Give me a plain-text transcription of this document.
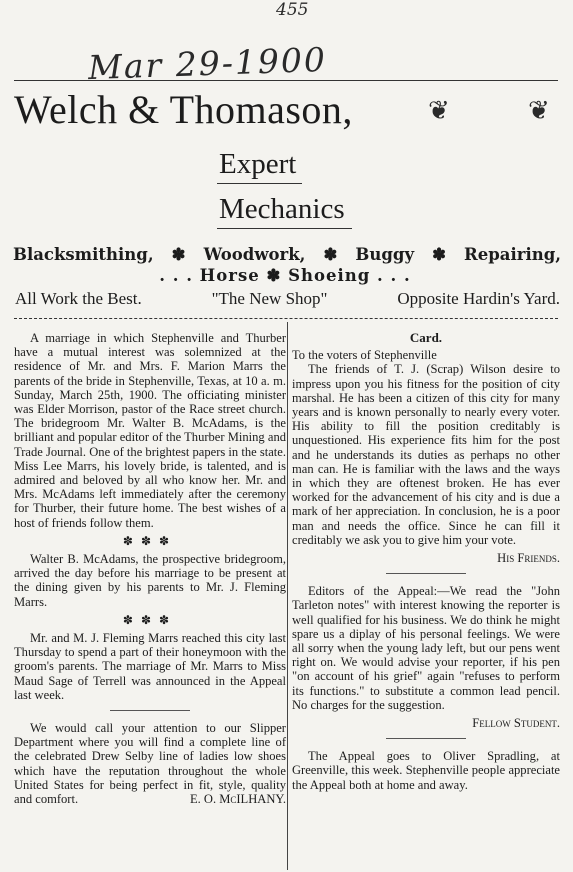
455
Mar 29-1900
Welch & Thomason,	❦	❦
Expert
Mechanics
Blacksmithing, ✽ Woodwork, ✽ Buggy ✽ Repairing,
. . . Horse ✽ Shoeing . . .
All Work the Best.	"The New Shop"	Opposite Hardin's Yard.

A marriage in which Stephenville and Thurber have a mutual interest was solemnized at the residence of Mr. and Mrs. F. Marion Marrs the parents of the bride in Stephenville, Texas, at 10 a. m. Sunday, March 25th, 1900. The officiating minister was Elder Morrison, pastor of the Race street church. The bridegroom Mr. Walter B. McAdams, is the brilliant and popular editor of the Thurber Mining and Trade Journal. One of the brightest papers in the state. Miss Lee Marrs, his lovely bride, is talented, and is admired and beloved by all who know her. Mr. and Mrs. McAdams left immediately after the ceremony for Thurber, their future home. The best wishes of a host of friends follow them.

✽✽✽

Walter B. McAdams, the prospective bridegroom, arrived the day before his marriage to be present at the dining given by his parents to Mr. J. Fleming Marrs.

✽✽✽

Mr. and M. J. Fleming Marrs reached this city last Thursday to spend a part of their honeymoon with the groom's parents. The marriage of Mr. Marrs to Miss Maud Sage of Terrell was announced in the Appeal last week.

We would call your attention to our Slipper Department where you will find a complete line of the celebrated Drew Selby line of ladies low shoes which have the reputation throughout the whole United States for being perfect in fit, style, quality and comfort.	E. O. McILHANY.
Card.

To the voters of Stephenville

The friends of T. J. (Scrap) Wilson desire to impress upon you his fitness for the position of city marshal. He has been a citizen of this city for many years and is known personally to nearly every voter. His ability to fill the position creditably is unquestioned. His experience fits him for the post and he understands its duties as perhaps no other man can. He is familiar with the laws and the ways in which they are oftenest broken. He has ever worked for the advancement of his city and is due a mark of her appreciation. In conclusion, he is a poor man and needs the office. Since he can fill it creditably we ask you to give him your vote.

His Friends.

Editors of the Appeal:—We read the "John Tarleton notes" with interest knowing the reporter is well qualified for his business. We do think he might spare us a diplay of his personal feelings. We were all sorry when the young lady left, but our pens went right on. We would advise your reporter, if his pen "on account of his grief" again "refuses to perform its functions." to substitute a common lead pencil. No charges for the suggestion.

Fellow Student.

The Appeal goes to Oliver Spradling, at Greenville, this week. Stephenville people appreciate the Appeal both at home and away.
